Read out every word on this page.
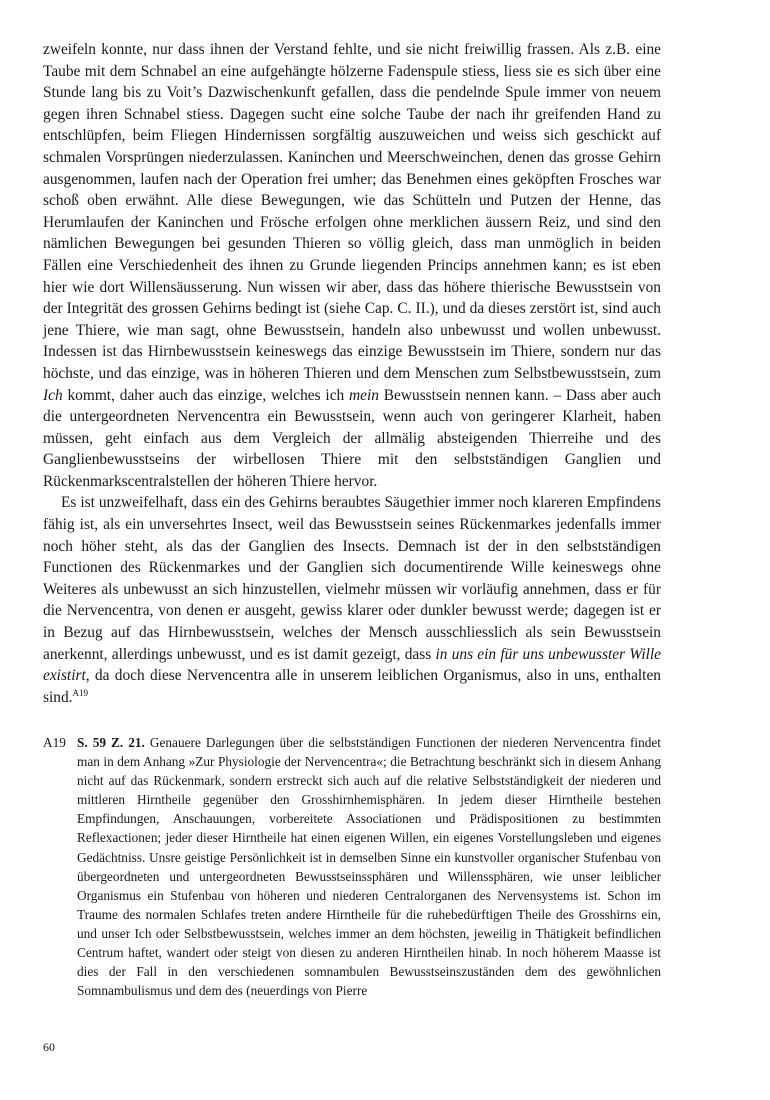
zweifeln konnte, nur dass ihnen der Verstand fehlte, und sie nicht freiwillig frassen. Als z.B. eine Taube mit dem Schnabel an eine aufgehängte hölzerne Fadenspule stiess, liess sie es sich über eine Stunde lang bis zu Voit’s Dazwischenkunft gefallen, dass die pendelnde Spule immer von neuem gegen ihren Schnabel stiess. Dagegen sucht eine solche Taube der nach ihr greifenden Hand zu entschlüpfen, beim Fliegen Hindernissen sorgfältig auszuweichen und weiss sich geschickt auf schmalen Vorsprüngen niederzulassen. Kaninchen und Meerschweinchen, denen das grosse Gehirn ausgenommen, laufen nach der Operation frei umher; das Benehmen eines geköpften Frosches war schoß oben erwähnt. Alle diese Bewegungen, wie das Schütteln und Putzen der Henne, das Herumlaufen der Kaninchen und Frösche erfolgen ohne merklichen äussern Reiz, und sind den nämlichen Bewegungen bei gesunden Thieren so völlig gleich, dass man unmöglich in beiden Fällen eine Verschiedenheit des ihnen zu Grunde liegenden Princips annehmen kann; es ist eben hier wie dort Willensäusserung. Nun wissen wir aber, dass das höhere thierische Bewusstsein von der Integrität des grossen Gehirns bedingt ist (siehe Cap. C. II.), und da dieses zerstört ist, sind auch jene Thiere, wie man sagt, ohne Bewusstsein, handeln also unbewusst und wollen unbewusst. Indessen ist das Hirnbewusstsein keineswegs das einzige Bewusstsein im Thiere, sondern nur das höchste, und das einzige, was in höheren Thieren und dem Menschen zum Selbstbewusstsein, zum Ich kommt, daher auch das einzige, welches ich mein Bewusstsein nennen kann. – Dass aber auch die untergeordneten Nervencentra ein Bewusstsein, wenn auch von geringerer Klarheit, haben müssen, geht einfach aus dem Vergleich der allmälig absteigenden Thierreihe und des Ganglienbewusstseins der wirbellosen Thiere mit den selbstständigen Ganglien und Rückenmarkscentralstellen der höheren Thiere hervor.

Es ist unzweifelhaft, dass ein des Gehirns beraubtes Säugethier immer noch klareren Empfindens fähig ist, als ein unversehrtes Insect, weil das Bewusstsein seines Rückenmarkes jedenfalls immer noch höher steht, als das der Ganglien des Insects. Demnach ist der in den selbstständigen Functionen des Rückenmarkes und der Ganglien sich documentirende Wille keineswegs ohne Weiteres als unbewusst an sich hinzustellen, vielmehr müssen wir vorläufig annehmen, dass er für die Nervencentra, von denen er ausgeht, gewiss klarer oder dunkler bewusst werde; dagegen ist er in Bezug auf das Hirnbewusstsein, welches der Mensch ausschliesslich als sein Bewusstsein anerkennt, allerdings unbewusst, und es ist damit gezeigt, dass in uns ein für uns unbewusster Wille existirt, da doch diese Nervencentra alle in unserem leiblichen Organismus, also in uns, enthalten sind.$^{A19}$

A19 S. 59 Z. 21. Genauere Darlegungen über die selbstständigen Functionen der niederen Nervencentra findet man in dem Anhang »Zur Physiologie der Nervencentra«; die Betrachtung beschränkt sich in diesem Anhang nicht auf das Rückenmark, sondern erstreckt sich auch auf die relative Selbstständigkeit der niederen und mittleren Hirntheile gegenüber den Grosshirnhemisphären. In jedem dieser Hirntheile bestehen Empfindungen, Anschauungen, vorbereitete Associationen und Prädispositionen zu bestimmten Reflexactionen; jeder dieser Hirntheile hat einen eigenen Willen, ein eigenes Vorstellungsleben und eigenes Gedächtniss. Unsre geistige Persönlichkeit ist in demselben Sinne ein kunstvoller organischer Stufenbau von übergeordneten und untergeordneten Bewusstseinssphären und Willenssphären, wie unser leiblicher Organismus ein Stufenbau von höheren und niederen Centralorganen des Nervensystems ist. Schon im Traume des normalen Schlafes treten andere Hirntheile für die ruhebedürftigen Theile des Grosshirns ein, und unser Ich oder Selbstbewusstsein, welches immer an dem höchsten, jeweilig in Thätigkeit befindlichen Centrum haftet, wandert oder steigt von diesen zu anderen Hirntheilen hinab. In noch höherem Maasse ist dies der Fall in den verschiedenen somnambulen Bewusstseinszuständen dem des gewöhnlichen Somnambulismus und dem des (neuerdings von Pierre
60
